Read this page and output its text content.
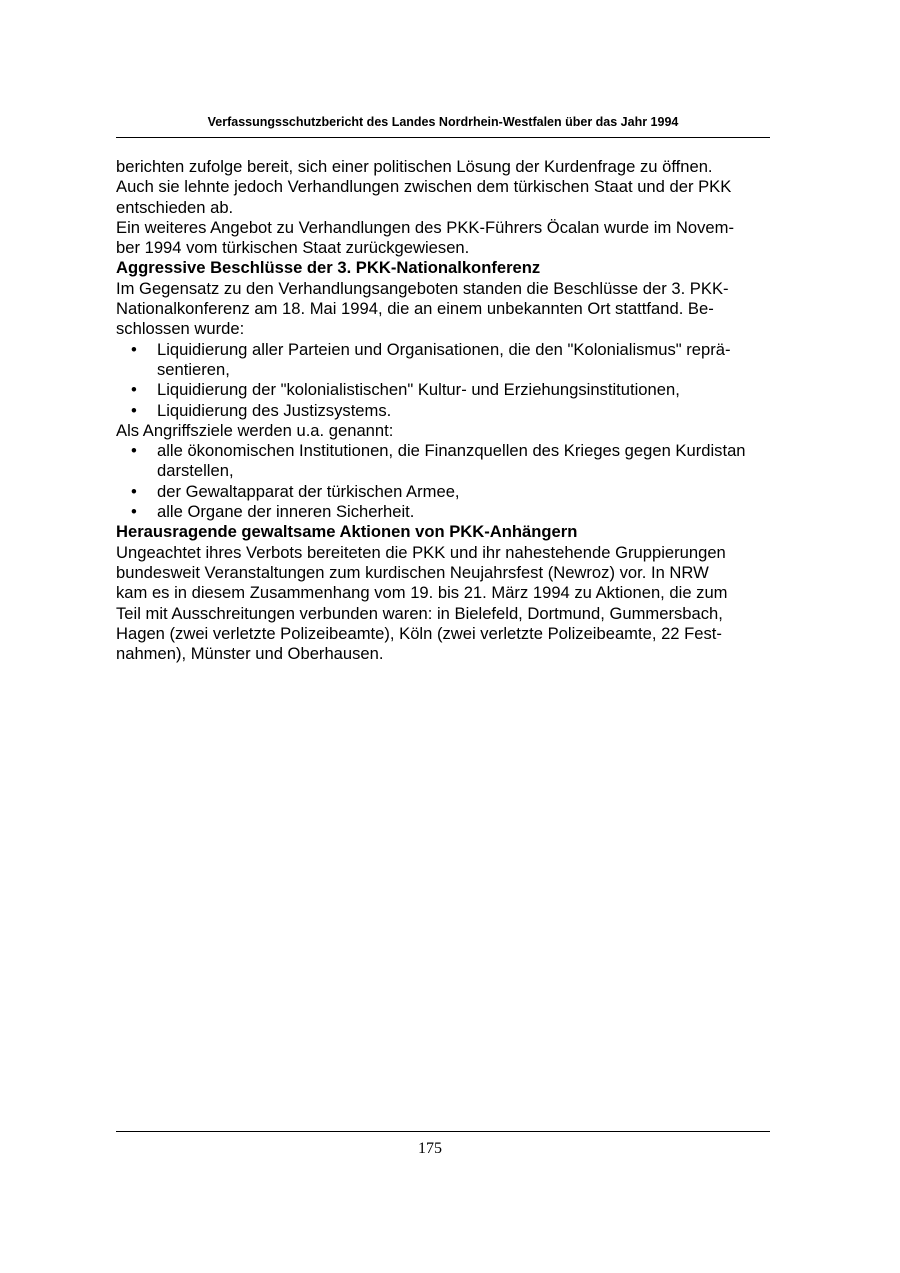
Verfassungsschutzbericht des Landes Nordrhein-Westfalen über das Jahr 1994
berichten zufolge bereit, sich einer politischen Lösung der Kurdenfrage zu öffnen.
Auch sie lehnte jedoch Verhandlungen zwischen dem türkischen Staat und der PKK
entschieden ab.
Ein weiteres Angebot zu Verhandlungen des PKK-Führers Öcalan wurde im Novem-
ber 1994 vom türkischen Staat zurückgewiesen.
Aggressive Beschlüsse der 3. PKK-Nationalkonferenz
Im Gegensatz zu den Verhandlungsangeboten standen die Beschlüsse der 3. PKK-
Nationalkonferenz am 18. Mai 1994, die an einem unbekannten Ort stattfand. Be-
schlossen wurde:
• Liquidierung aller Parteien und Organisationen, die den "Kolonialismus" reprä-
sentieren,
• Liquidierung der "kolonialistischen" Kultur- und Erziehungsinstitutionen,
• Liquidierung des Justizsystems.
Als Angriffsziele werden u.a. genannt:
• alle ökonomischen Institutionen, die Finanzquellen des Krieges gegen Kurdistan
darstellen,
• der Gewaltapparat der türkischen Armee,
• alle Organe der inneren Sicherheit.
Herausragende gewaltsame Aktionen von PKK-Anhängern
Ungeachtet ihres Verbots bereiteten die PKK und ihr nahestehende Gruppierungen
bundesweit Veranstaltungen zum kurdischen Neujahrsfest (Newroz) vor. In NRW
kam es in diesem Zusammenhang vom 19. bis 21. März 1994 zu Aktionen, die zum
Teil mit Ausschreitungen verbunden waren: in Bielefeld, Dortmund, Gummersbach,
Hagen (zwei verletzte Polizeibeamte), Köln (zwei verletzte Polizeibeamte, 22 Fest-
nahmen), Münster und Oberhausen.
175
